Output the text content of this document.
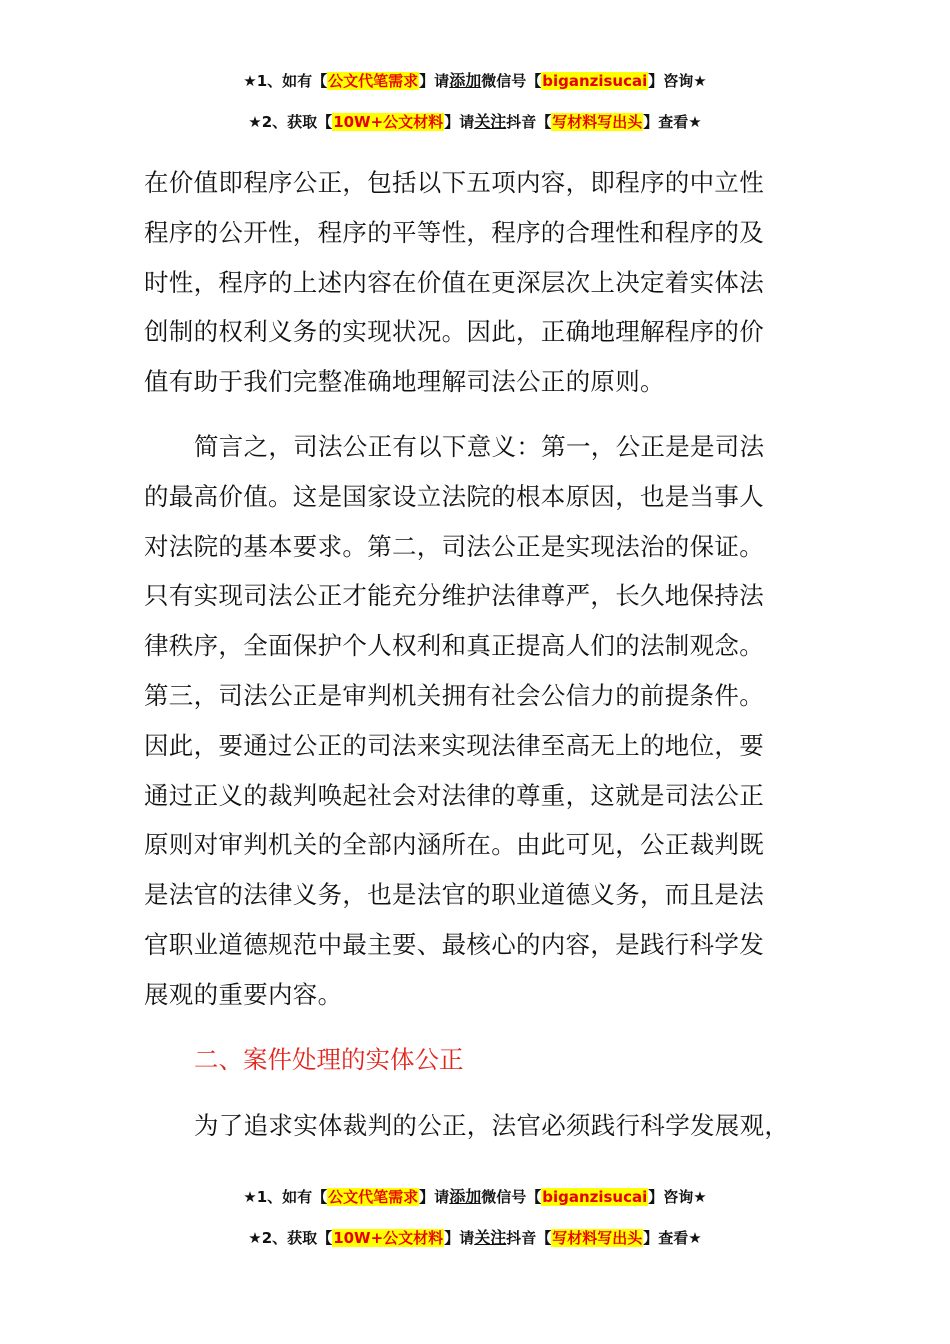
★1、如有【公文代笔需求】请添加微信号【biganzisucai】咨询★
★2、获取【10W+公文材料】请关注抖音【写材料写出头】查看★
在价值即程序公正，包括以下五项内容，即程序的中立性
程序的公开性，程序的平等性，程序的合理性和程序的及
时性，程序的上述内容在价值在更深层次上决定着实体法
创制的权利义务的实现状况。因此，正确地理解程序的价
值有助于我们完整准确地理解司法公正的原则。
简言之，司法公正有以下意义：第一，公正是是司法
的最高价值。这是国家设立法院的根本原因，也是当事人
对法院的基本要求。第二，司法公正是实现法治的保证。
只有实现司法公正才能充分维护法律尊严，长久地保持法
律秩序，全面保护个人权利和真正提高人们的法制观念。
第三，司法公正是审判机关拥有社会公信力的前提条件。
因此，要通过公正的司法来实现法律至高无上的地位，要
通过正义的裁判唤起社会对法律的尊重，这就是司法公正
原则对审判机关的全部内涵所在。由此可见，公正裁判既
是法官的法律义务，也是法官的职业道德义务，而且是法
官职业道德规范中最主要、最核心的内容，是践行科学发
展观的重要内容。
二、案件处理的实体公正
为了追求实体裁判的公正，法官必须践行科学发展观，
★1、如有【公文代笔需求】请添加微信号【biganzisucai】咨询★
★2、获取【10W+公文材料】请关注抖音【写材料写出头】查看★
